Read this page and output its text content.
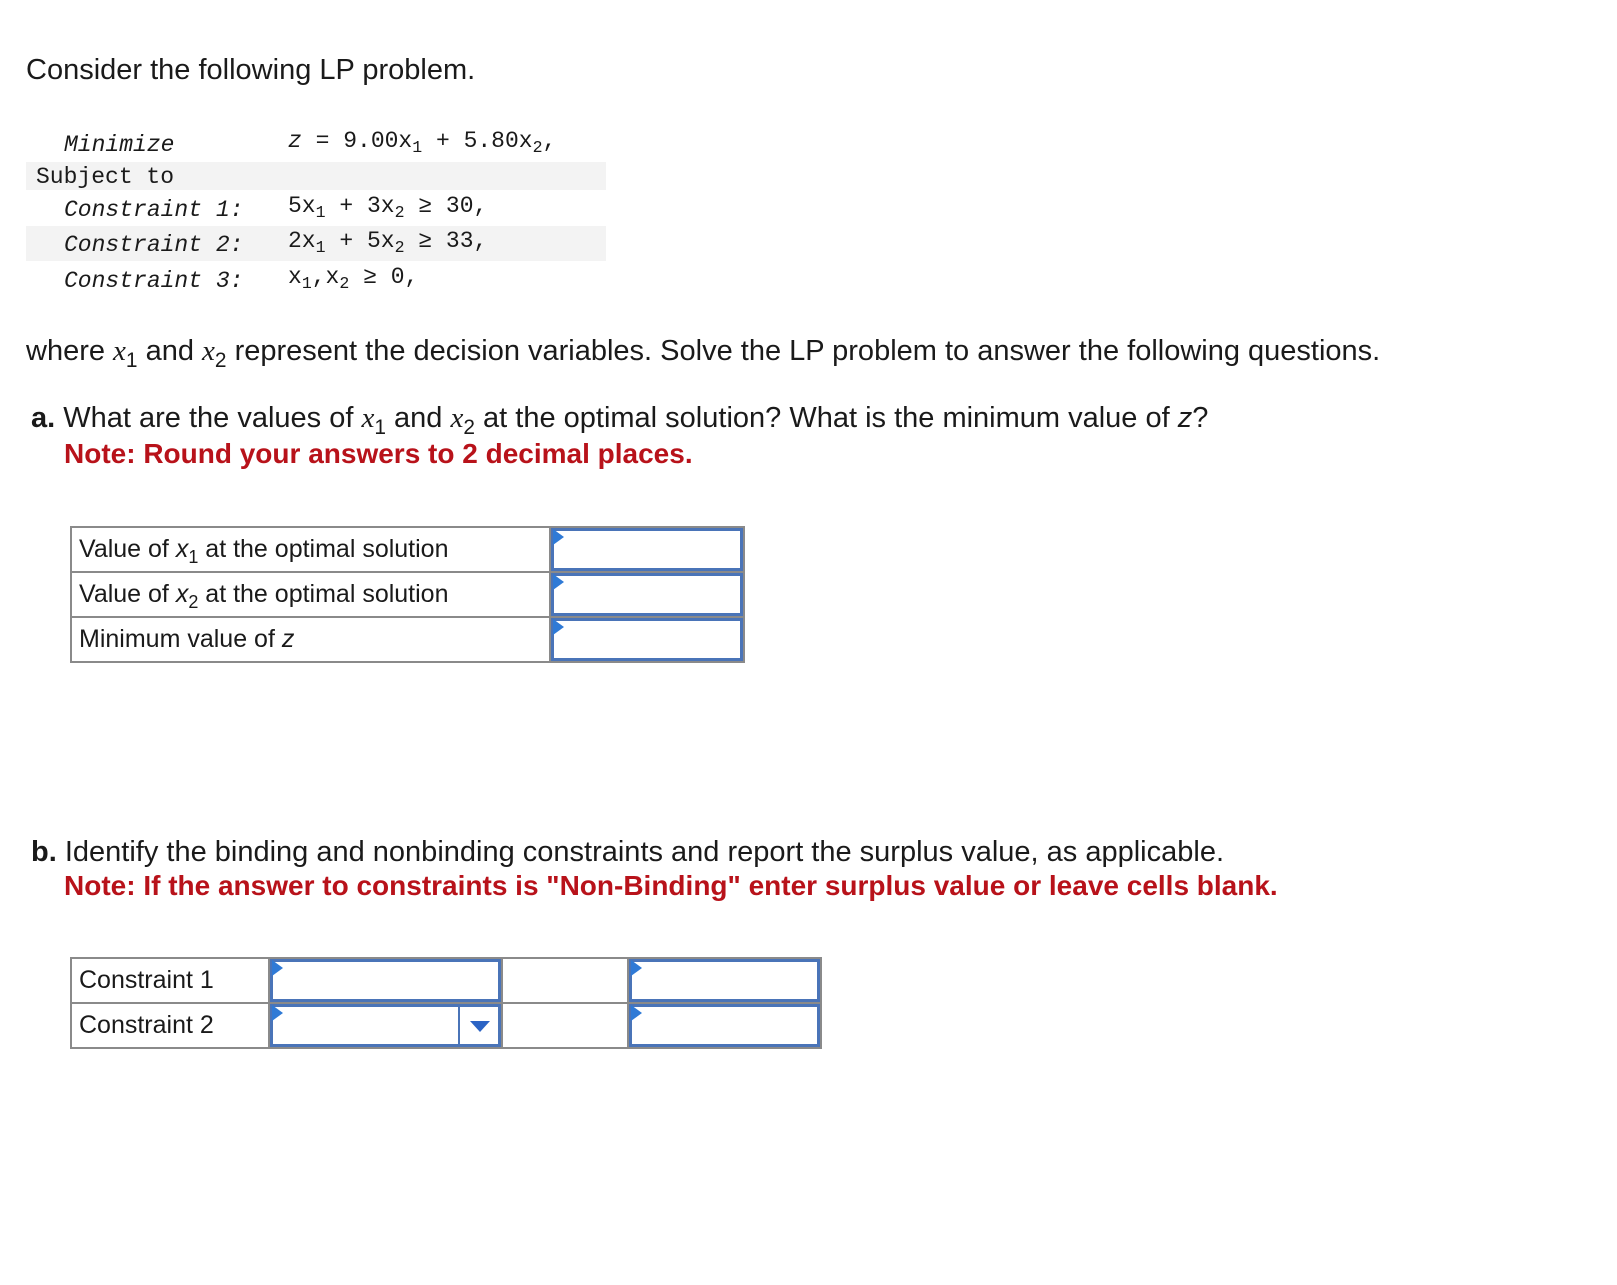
Consider the following LP problem.
Minimize	$z = 9.00x_1 + 5.80x_2$,
Subject to
Constraint 1: $5x_1 + 3x_2 \ge 30$,
Constraint 2: $2x_1 + 5x_2 \ge 33$,
Constraint 3: $x_1,x_2 \ge 0$,
where $x_1$ and $x_2$ represent the decision variables. Solve the LP problem to answer the following questions.
a. What are the values of $x_1$ and $x_2$ at the optimal solution? What is the minimum value of z?
Note: Round your answers to 2 decimal places.
Value of $x_1$ at the optimal solution	

Value of $x_2$ at the optimal solution	

Minimum value of z	
b. Identify the binding and nonbinding constraints and report the surplus value, as applicable.
Note: If the answer to constraints is "Non-Binding" enter surplus value or leave cells blank.
Constraint 1	

Constraint 2	
